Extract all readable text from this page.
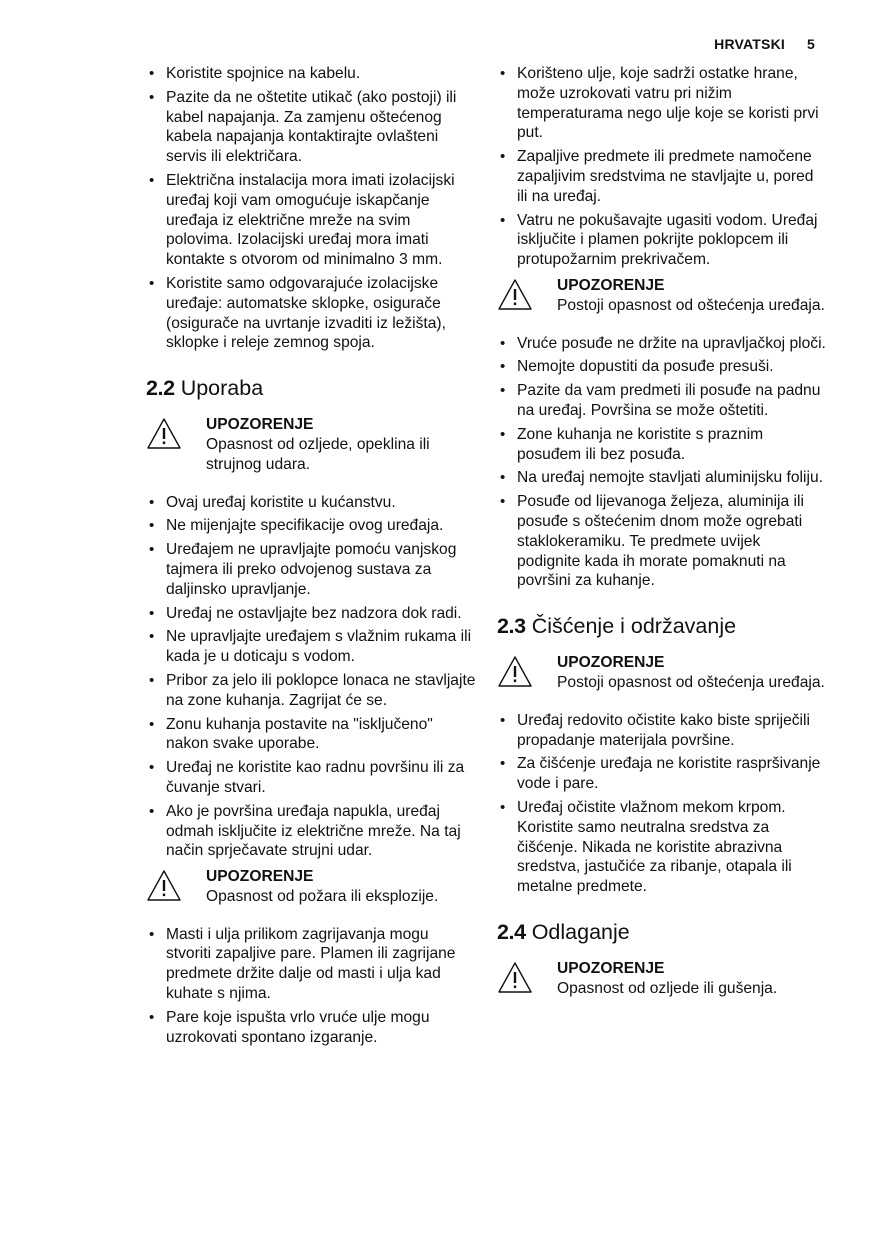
HRVATSKI 5
• Koristite spojnice na kabelu.
• Pazite da ne oštetite utikač (ako postoji) ili kabel napajanja. Za zamjenu oštećenog kabela napajanja kontaktirajte ovlašteni servis ili električara.
• Električna instalacija mora imati izolacijski uređaj koji vam omogućuje iskapčanje uređaja iz električne mreže na svim polovima. Izolacijski uređaj mora imati kontakte s otvorom od minimalno 3 mm.
• Koristite samo odgovarajuće izolacijske uređaje: automatske sklopke, osigurače (osigurače na uvrtanje izvaditi iz ležišta), sklopke i releje zemnog spoja.
2.2 Uporaba
UPOZORENJE
Opasnost od ozljede, opeklina ili strujnog udara.
• Ovaj uređaj koristite u kućanstvu.
• Ne mijenjajte specifikacije ovog uređaja.
• Uređajem ne upravljajte pomoću vanjskog tajmera ili preko odvojenog sustava za daljinsko upravljanje.
• Uređaj ne ostavljajte bez nadzora dok radi.
• Ne upravljajte uređajem s vlažnim rukama ili kada je u doticaju s vodom.
• Pribor za jelo ili poklopce lonaca ne stavljajte na zone kuhanja. Zagrijat će se.
• Zonu kuhanja postavite na "isključeno" nakon svake uporabe.
• Uređaj ne koristite kao radnu površinu ili za čuvanje stvari.
• Ako je površina uređaja napukla, uređaj odmah isključite iz električne mreže. Na taj način sprječavate strujni udar.
UPOZORENJE
Opasnost od požara ili eksplozije.
• Masti i ulja prilikom zagrijavanja mogu stvoriti zapaljive pare. Plamen ili zagrijane predmete držite dalje od masti i ulja kad kuhate s njima.
• Pare koje ispušta vrlo vruće ulje mogu uzrokovati spontano izgaranje.
• Korišteno ulje, koje sadrži ostatke hrane, može uzrokovati vatru pri nižim temperaturama nego ulje koje se koristi prvi put.
• Zapaljive predmete ili predmete namočene zapaljivim sredstvima ne stavljajte u, pored ili na uređaj.
• Vatru ne pokušavajte ugasiti vodom. Uređaj isključite i plamen pokrijte poklopcem ili protupožarnim prekrivačem.
UPOZORENJE
Postoji opasnost od oštećenja uređaja.
• Vruće posuđe ne držite na upravljačkoj ploči.
• Nemojte dopustiti da posuđe presuši.
• Pazite da vam predmeti ili posuđe na padnu na uređaj. Površina se može oštetiti.
• Zone kuhanja ne koristite s praznim posuđem ili bez posuđa.
• Na uređaj nemojte stavljati aluminijsku foliju.
• Posuđe od lijevanoga željeza, aluminija ili posuđe s oštećenim dnom može ogrebati staklokeramiku. Te predmete uvijek podignite kada ih morate pomaknuti na površini za kuhanje.
2.3 Čišćenje i održavanje
UPOZORENJE
Postoji opasnost od oštećenja uređaja.
• Uređaj redovito očistite kako biste spriječili propadanje materijala površine.
• Za čišćenje uređaja ne koristite raspršivanje vode i pare.
• Uređaj očistite vlažnom mekom krpom. Koristite samo neutralna sredstva za čišćenje. Nikada ne koristite abrazivna sredstva, jastučiće za ribanje, otapala ili metalne predmete.
2.4 Odlaganje
UPOZORENJE
Opasnost od ozljede ili gušenja.
